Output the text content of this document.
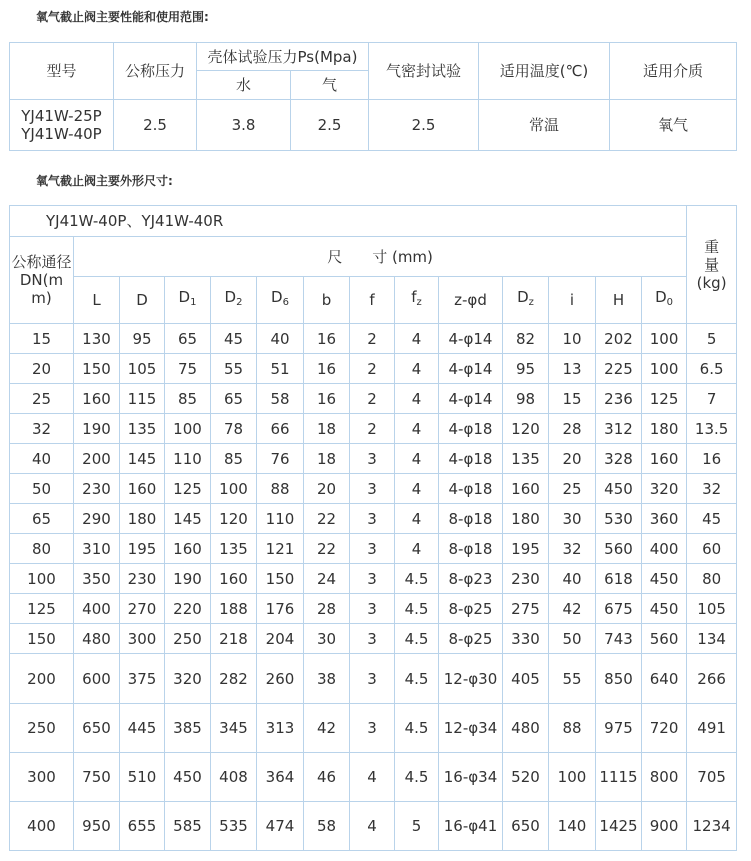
氧气截止阀主要性能和使用范围:
型号	公称压力	壳体试验压力Ps(Mpa)		气密封试验	适用温度(℃)	适用介质
		水	气			

YJ41W-25P
YJ41W-40P	2.5	3.8	2.5	2.5	常温	氧气
氧气截止阀主要外形尺寸:
YJ41W-40P、YJ41W-40R														重 量 (kg)
公称通径DN(mm)	尺　　寸 (mm)													
	L	D	$D_1$	$D_2$	$D_6$	b	f	$f_z$	z-φd	$D_z$	i	H	$D_0$
15	130	95	65	45	40	16	2	4	4-φ14	82	10	202	100	5
20	150	105	75	55	51	16	2	4	4-φ14	95	13	225	100	6.5
25	160	115	85	65	58	16	2	4	4-φ14	98	15	236	125	7
32	190	135	100	78	66	18	2	4	4-φ18	120	28	312	180	13.5
40	200	145	110	85	76	18	3	4	4-φ18	135	20	328	160	16
50	230	160	125	100	88	20	3	4	4-φ18	160	25	450	320	32
65	290	180	145	120	110	22	3	4	8-φ18	180	30	530	360	45
80	310	195	160	135	121	22	3	4	8-φ18	195	32	560	400	60
100	350	230	190	160	150	24	3	4.5	8-φ23	230	40	618	450	80
125	400	270	220	188	176	28	3	4.5	8-φ25	275	42	675	450	105
150	480	300	250	218	204	30	3	4.5	8-φ25	330	50	743	560	134
200	600	375	320	282	260	38	3	4.5	12-φ30	405	55	850	640	266
250	650	445	385	345	313	42	3	4.5	12-φ34	480	88	975	720	491
300	750	510	450	408	364	46	4	4.5	16-φ34	520	100	1115	800	705
400	950	655	585	535	474	58	4	5	16-φ41	650	140	1425	900	1234
